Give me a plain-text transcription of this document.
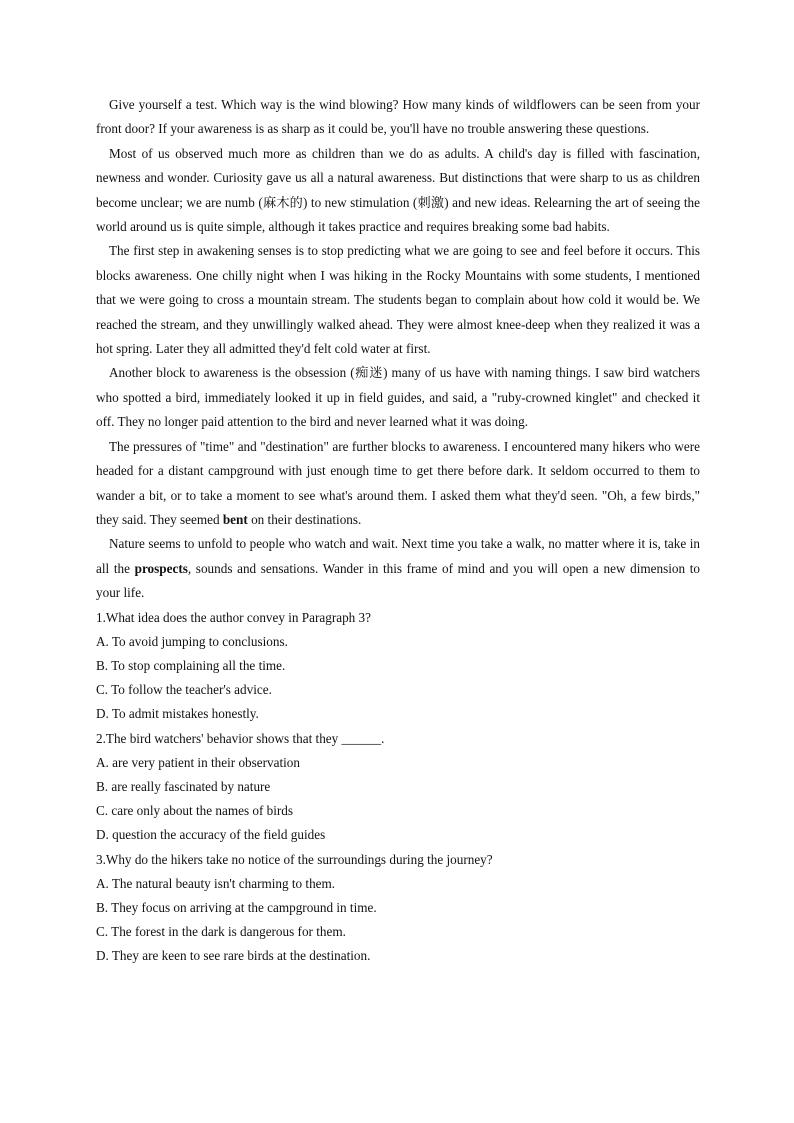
Give yourself a test. Which way is the wind blowing? How many kinds of wildflowers can be seen from your front door? If your awareness is as sharp as it could be, you'll have no trouble answering these questions.

Most of us observed much more as children than we do as adults. A child's day is filled with fascination, newness and wonder. Curiosity gave us all a natural awareness. But distinctions that were sharp to us as children become unclear; we are numb (麻木的) to new stimulation (刺激) and new ideas. Relearning the art of seeing the world around us is quite simple, although it takes practice and requires breaking some bad habits.

The first step in awakening senses is to stop predicting what we are going to see and feel before it occurs. This blocks awareness. One chilly night when I was hiking in the Rocky Mountains with some students, I mentioned that we were going to cross a mountain stream. The students began to complain about how cold it would be. We reached the stream, and they unwillingly walked ahead. They were almost knee-deep when they realized it was a hot spring. Later they all admitted they'd felt cold water at first.

Another block to awareness is the obsession (痴迷) many of us have with naming things. I saw bird watchers who spotted a bird, immediately looked it up in field guides, and said, a "ruby-crowned kinglet" and checked it off. They no longer paid attention to the bird and never learned what it was doing.

The pressures of "time" and "destination" are further blocks to awareness. I encountered many hikers who were headed for a distant campground with just enough time to get there before dark. It seldom occurred to them to wander a bit, or to take a moment to see what's around them. I asked them what they'd seen. "Oh, a few birds," they said. They seemed bent on their destinations.

Nature seems to unfold to people who watch and wait. Next time you take a walk, no matter where it is, take in all the prospects, sounds and sensations. Wander in this frame of mind and you will open a new dimension to your life.

1.What idea does the author convey in Paragraph 3?

A. To avoid jumping to conclusions.

B. To stop complaining all the time.

C. To follow the teacher's advice.

D. To admit mistakes honestly.

2.The bird watchers' behavior shows that they ______.

A. are very patient in their observation

B. are really fascinated by nature

C. care only about the names of birds

D. question the accuracy of the field guides

3.Why do the hikers take no notice of the surroundings during the journey?

A. The natural beauty isn't charming to them.

B. They focus on arriving at the campground in time.

C. The forest in the dark is dangerous for them.

D. They are keen to see rare birds at the destination.
